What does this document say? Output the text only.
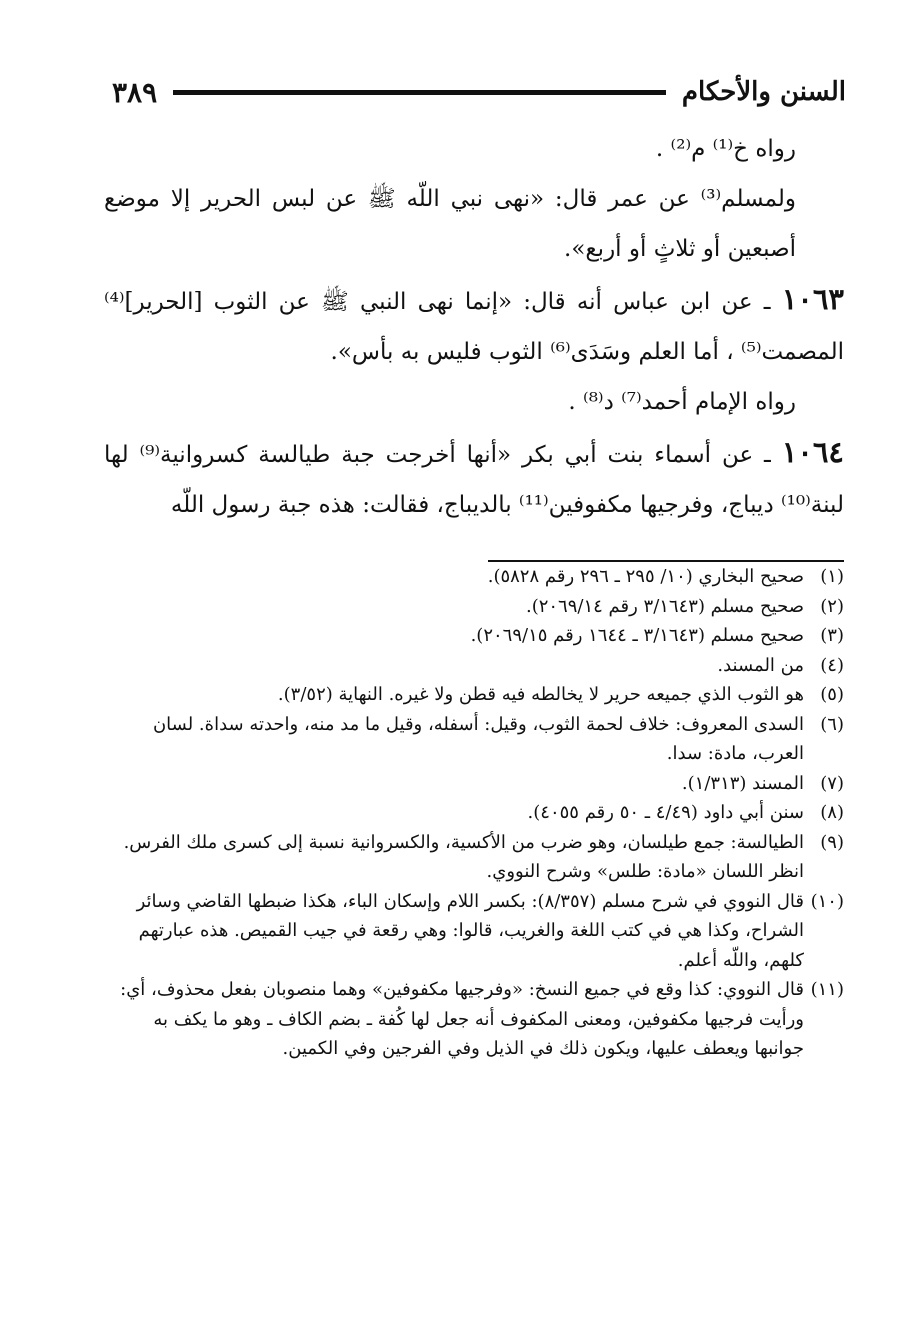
٣٨٩	السنن والأحكام

رواه خ⁽¹⁾ م⁽²⁾ .

ولمسلم⁽³⁾ عن عمر قال: «نهى نبي اللّه ﷺ عن لبس الحرير إلا موضع أصبعين أو ثلاثٍ أو أربع».

١٠٦٣ ـ عن ابن عباس أنه قال: «إنما نهى النبي ﷺ عن الثوب [الحرير]⁽⁴⁾ المصمت⁽⁵⁾ ، أما العلم وسَدَى⁽⁶⁾ الثوب فليس به بأس».

رواه الإمام أحمد⁽⁷⁾ د⁽⁸⁾ .

١٠٦٤ ـ عن أسماء بنت أبي بكر «أنها أخرجت جبة طيالسة كسروانية⁽⁹⁾ لها لبنة⁽¹⁰⁾ ديباج، وفرجيها مكفوفين⁽¹¹⁾ بالديباج، فقالت: هذه جبة رسول اللّه

(١)صحيح البخاري (١٠/ ٢٩٥ ـ ٢٩٦ رقم ٥٨٢٨).

(٢)صحيح مسلم (٣/١٦٤٣ رقم ٢٠٦٩/١٤).

(٣)صحيح مسلم (٣/١٦٤٣ ـ ١٦٤٤ رقم ٢٠٦٩/١٥).

(٤)من المسند.

(٥)هو الثوب الذي جميعه حرير لا يخالطه فيه قطن ولا غيره. النهاية (٣/٥٢).

(٦)السدى المعروف: خلاف لحمة الثوب، وقيل: أسفله، وقيل ما مد منه، واحدته سداة. لسان العرب، مادة: سدا.

(٧)المسند (١/٣١٣).

(٨)سنن أبي داود (٤/٤٩ ـ ٥٠ رقم ٤٠٥٥).

(٩)الطيالسة: جمع طيلسان، وهو ضرب من الأكسية، والكسروانية نسبة إلى كسرى ملك الفرس. انظر اللسان «مادة: طلس» وشرح النووي.

(١٠)قال النووي في شرح مسلم (٨/٣٥٧): بكسر اللام وإسكان الباء، هكذا ضبطها القاضي وسائر الشراح، وكذا هي في كتب اللغة والغريب، قالوا: وهي رقعة في جيب القميص. هذه عبارتهم كلهم، واللّه أعلم.

(١١)قال النووي: كذا وقع في جميع النسخ: «وفرجيها مكفوفين» وهما منصوبان بفعل محذوف، أي: ورأيت فرجيها مكفوفين، ومعنى المكفوف أنه جعل لها كُفة ـ بضم الكاف ـ وهو ما يكف به جوانبها ويعطف عليها، ويكون ذلك في الذيل وفي الفرجين وفي الكمين.
